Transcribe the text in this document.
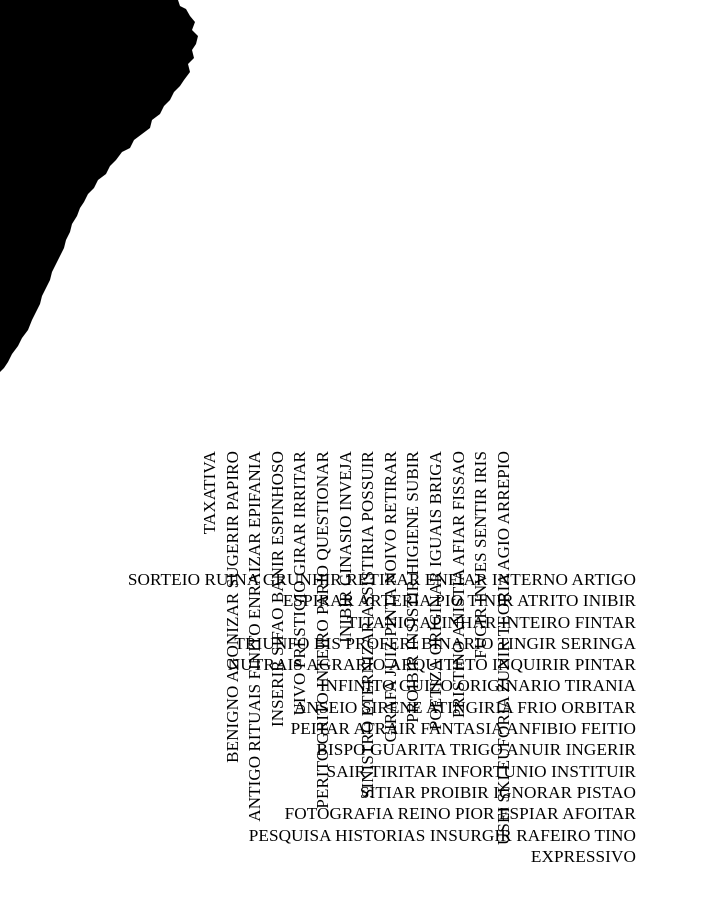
TAXATIVA BENIGNO AGONIZAR SUGERIR PAPIRO ANTIGO RITUAIS FINITO ENRAIZAR EPIFANIA INSERIR SIFAO BANIR ESPINHOSO UIVO PRESTIGIO GIRAR IRRITAR PERITO GRITO INTEIRO PARIO QUESTIONAR INIBIR GINASIO INVEJA SINISTRO ETERNIZAR ASSISTIRIA POSSUIR GIRAFA JUIZ PINTA NOIVO RETIRAR PROIBIR INSISTIR HIGIENE SUBIR POETIZA ORIGINAR IGUAIS BRIGA PRISTINO ANISTIA AFIAR FISSAO FUGIR INVES SENTIR IRIS USEI SKI EUFORIA ZUNIR TEORIA AGIO ARREPIO
SORTEIO RUINA GRUNHIR RETIRAR ENFIAR INTERNO ARTIGO
ESPIRAR ARTERIA PIO TINIR ATRITO INIBIR
TITANIO APINHAR INTEIRO FINTAR
TRIUNFO BIS PROFERI BINARIO TINGIR SERINGA
NUTRAIS AGRARIO ARQUITETO INQUIRIR PINTAR
INFINITO GUIZO ORIGINARIO TIRANIA
ANSEIO SIRENE ATINGIRIA FRIO ORBITAR
PEITAR ATRAIR FANTASIA ANFIBIO FEITIO
BISPO GUARITA TRIGO ANUIR INGERIR
SAIR TIRITAR INFORTUNIO INSTITUIR
SITIAR PROIBIR IGNORAR PISTAO
FOTOGRAFIA REINO PIOR ESPIAR AFOITAR
PESQUISA HISTORIAS INSURGIR RAFEIRO TINO
EXPRESSIVO
